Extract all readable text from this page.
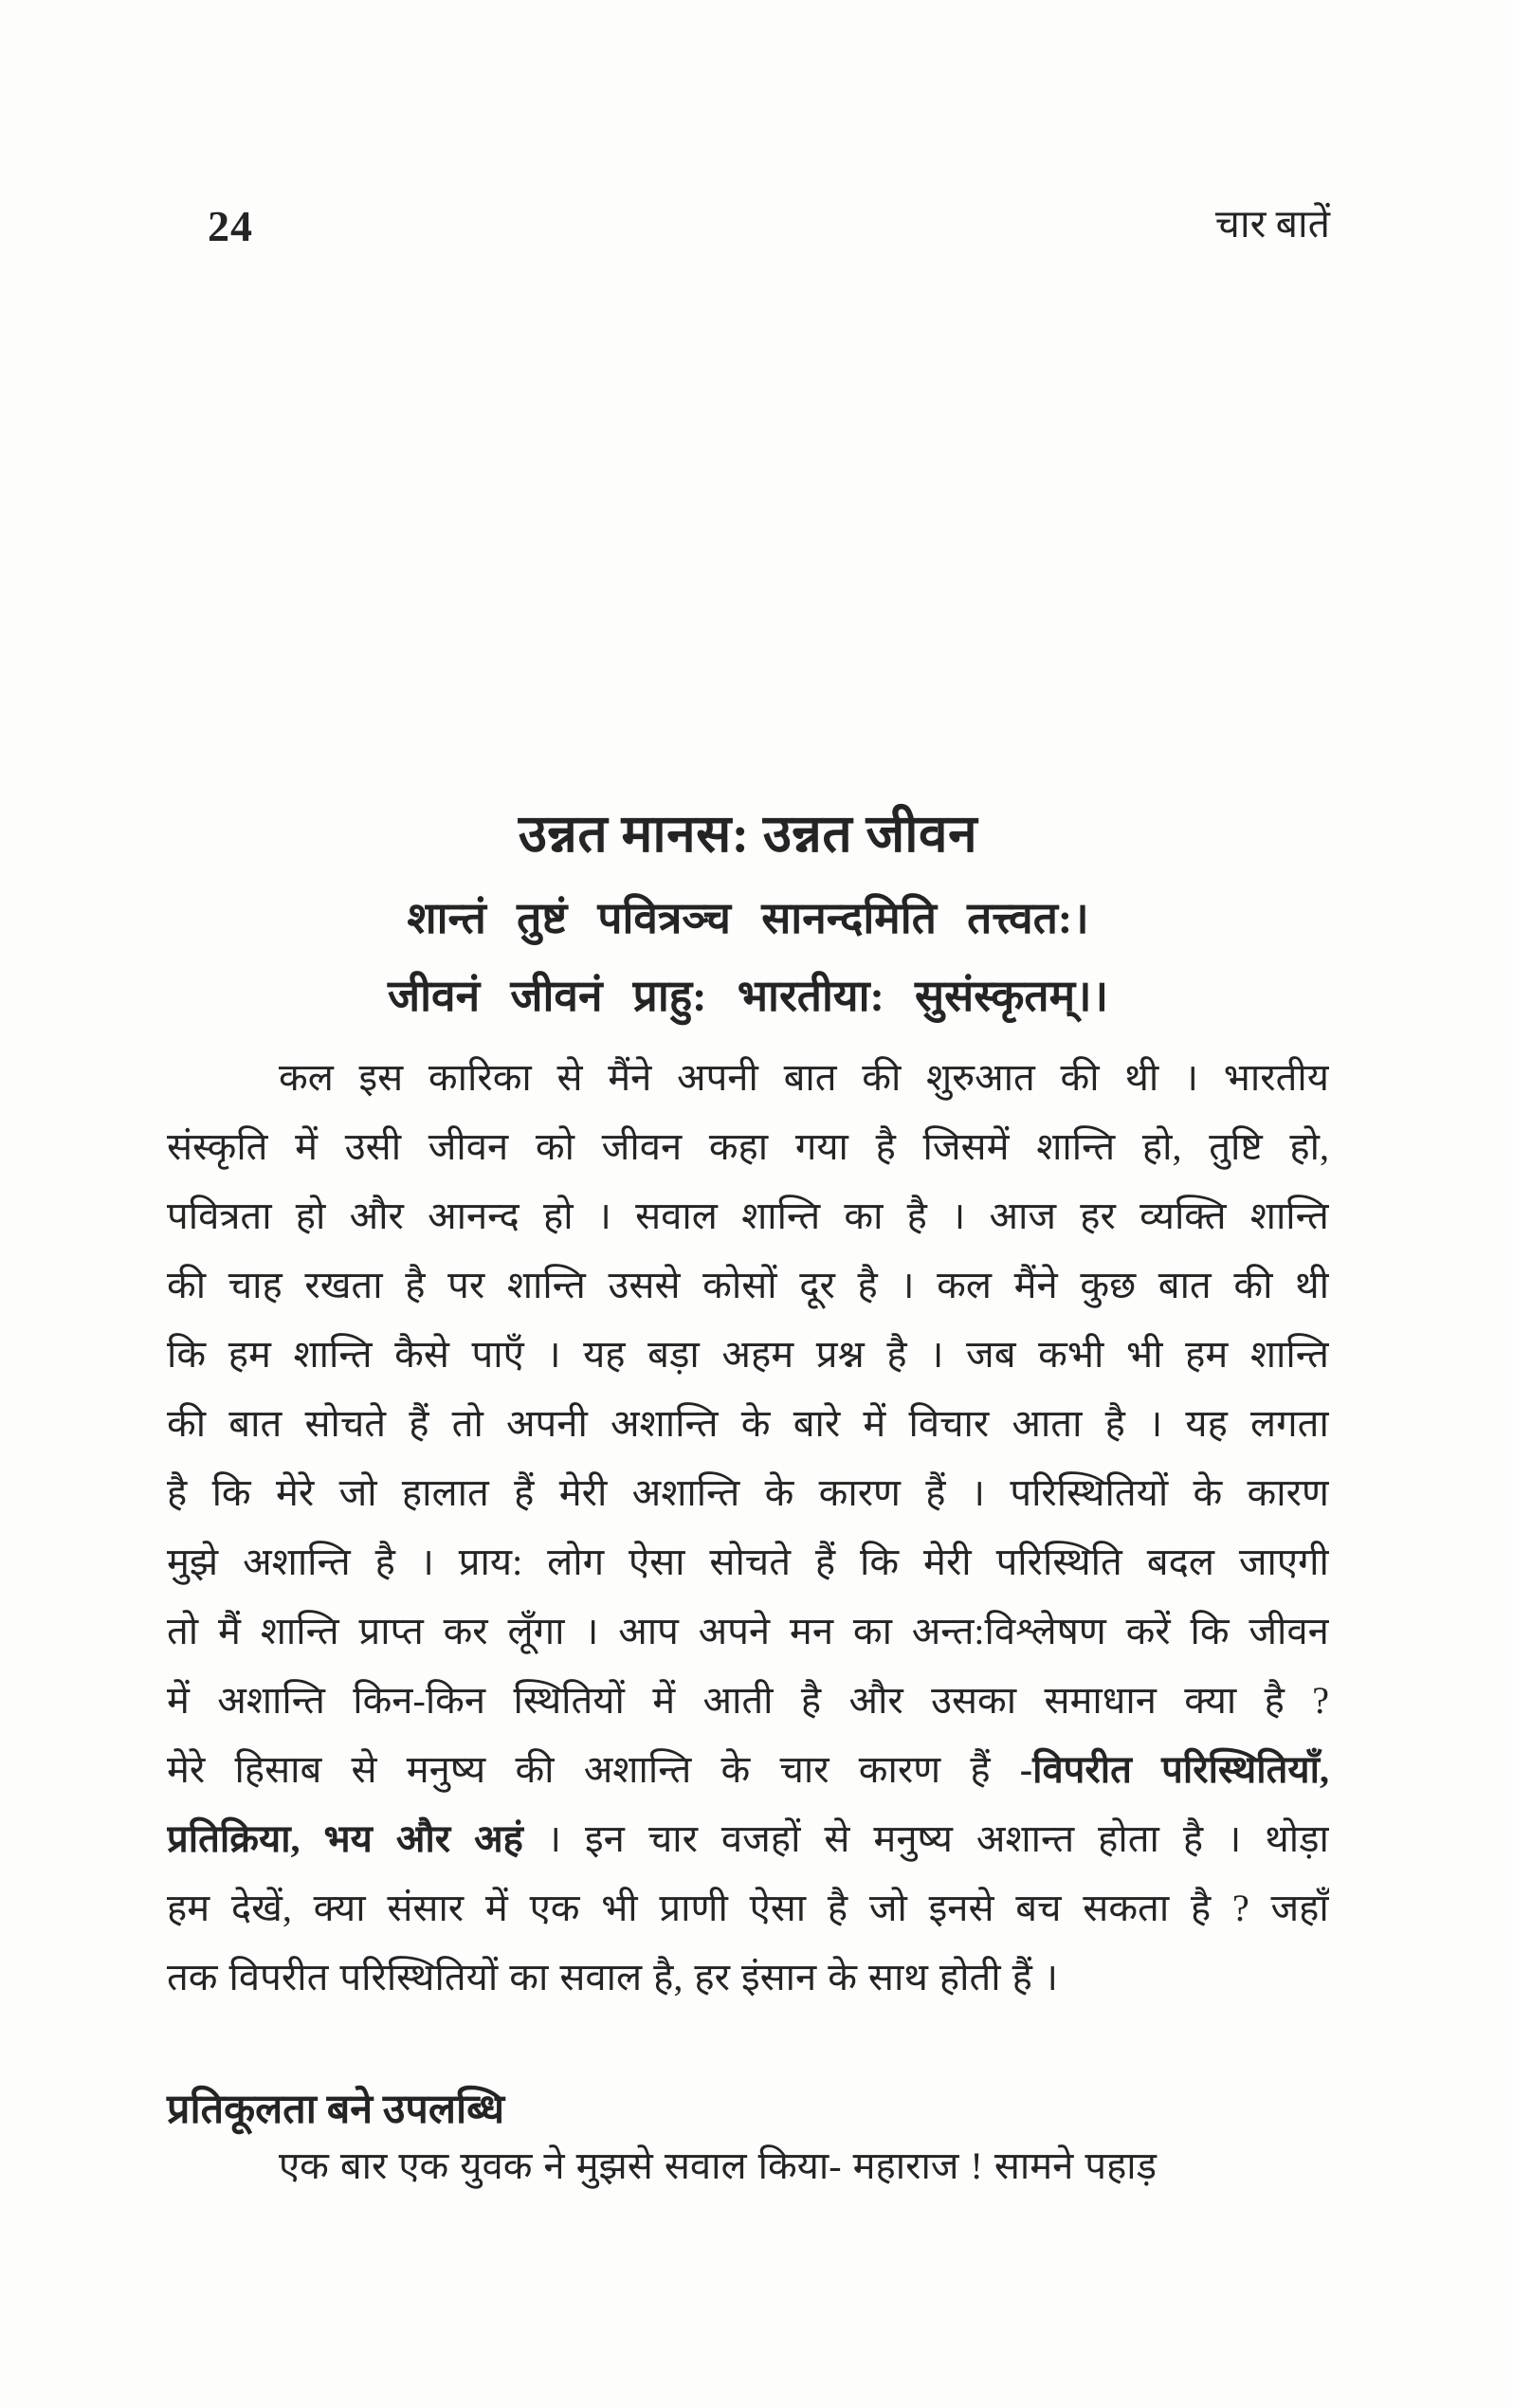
24	चार बातें
उन्नत मानस: उन्नत जीवन
शान्तं तुष्टं पवित्रञ्च सानन्दमिति तत्त्वत:।
जीवनं जीवनं प्राहु: भारतीया: सुसंस्कृतम्।।
कल इस कारिका से मैंने अपनी बात की शुरुआत की थी । भारतीय
संस्कृति में उसी जीवन को जीवन कहा गया है जिसमें शान्ति हो, तुष्टि हो,
पवित्रता हो और आनन्द हो । सवाल शान्ति का है । आज हर व्यक्ति शान्ति
की चाह रखता है पर शान्ति उससे कोसों दूर है । कल मैंने कुछ बात की थी
कि हम शान्ति कैसे पाएँ । यह बड़ा अहम प्रश्न है । जब कभी भी हम शान्ति
की बात सोचते हैं तो अपनी अशान्ति के बारे में विचार आता है । यह लगता
है कि मेरे जो हालात हैं मेरी अशान्ति के कारण हैं । परिस्थितियों के कारण
मुझे अशान्ति है । प्राय: लोग ऐसा सोचते हैं कि मेरी परिस्थिति बदल जाएगी
तो मैं शान्ति प्राप्त कर लूँगा । आप अपने मन का अन्त:विश्लेषण करें कि जीवन
में अशान्ति किन-किन स्थितियों में आती है और उसका समाधान क्या है ?
मेरे हिसाब से मनुष्य की अशान्ति के चार कारण हैं -विपरीत परिस्थितियाँ,
प्रतिक्रिया, भय और अहं । इन चार वजहों से मनुष्य अशान्त होता है । थोड़ा
हम देखें, क्या संसार में एक भी प्राणी ऐसा है जो इनसे बच सकता है ? जहाँ
तक विपरीत परिस्थितियों का सवाल है, हर इंसान के साथ होती हैं ।
प्रतिकूलता बने उपलब्धि
एक बार एक युवक ने मुझसे सवाल किया- महाराज ! सामने पहाड़
